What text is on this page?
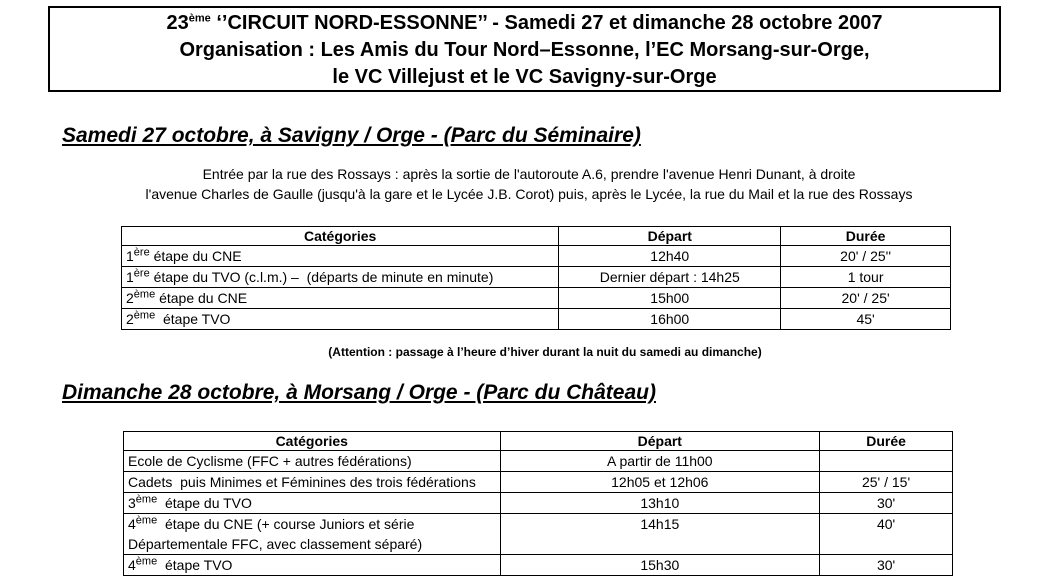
23ème ‘’CIRCUIT NORD-ESSONNE’’ - Samedi 27 et dimanche 28 octobre 2007
Organisation : Les Amis du Tour Nord–Essonne, l’EC Morsang-sur-Orge,
le VC Villejust et le VC Savigny-sur-Orge
Samedi 27 octobre, à Savigny / Orge - (Parc du Séminaire)
Entrée par la rue des Rossays : après la sortie de l'autoroute A.6, prendre l'avenue Henri Dunant, à droite
l'avenue Charles de Gaulle (jusqu'à la gare et le Lycée J.B. Corot) puis, après le Lycée, la rue du Mail et la rue des Rossays
Catégories	Départ	Durée
1ère étape du CNE	12h40	20' / 25''
1ère étape du TVO (c.l.m.) –  (départs de minute en minute)	Dernier départ : 14h25	1 tour
2ème étape du CNE	15h00	20' / 25'
2ème  étape TVO	16h00	45'
(Attention : passage à l’heure d’hiver durant la nuit du samedi au dimanche)
Dimanche 28 octobre, à Morsang / Orge - (Parc du Château)
Catégories	Départ	Durée
Ecole de Cyclisme (FFC + autres fédérations)	A partir de 11h00	
Cadets  puis Minimes et Féminines des trois fédérations	12h05 et 12h06	25' / 15'
3ème  étape du TVO	13h10	30'
4ème  étape du CNE (+ course Juniors et série Départementale FFC, avec classement séparé)	14h15	40'
4ème  étape TVO	15h30	30'
